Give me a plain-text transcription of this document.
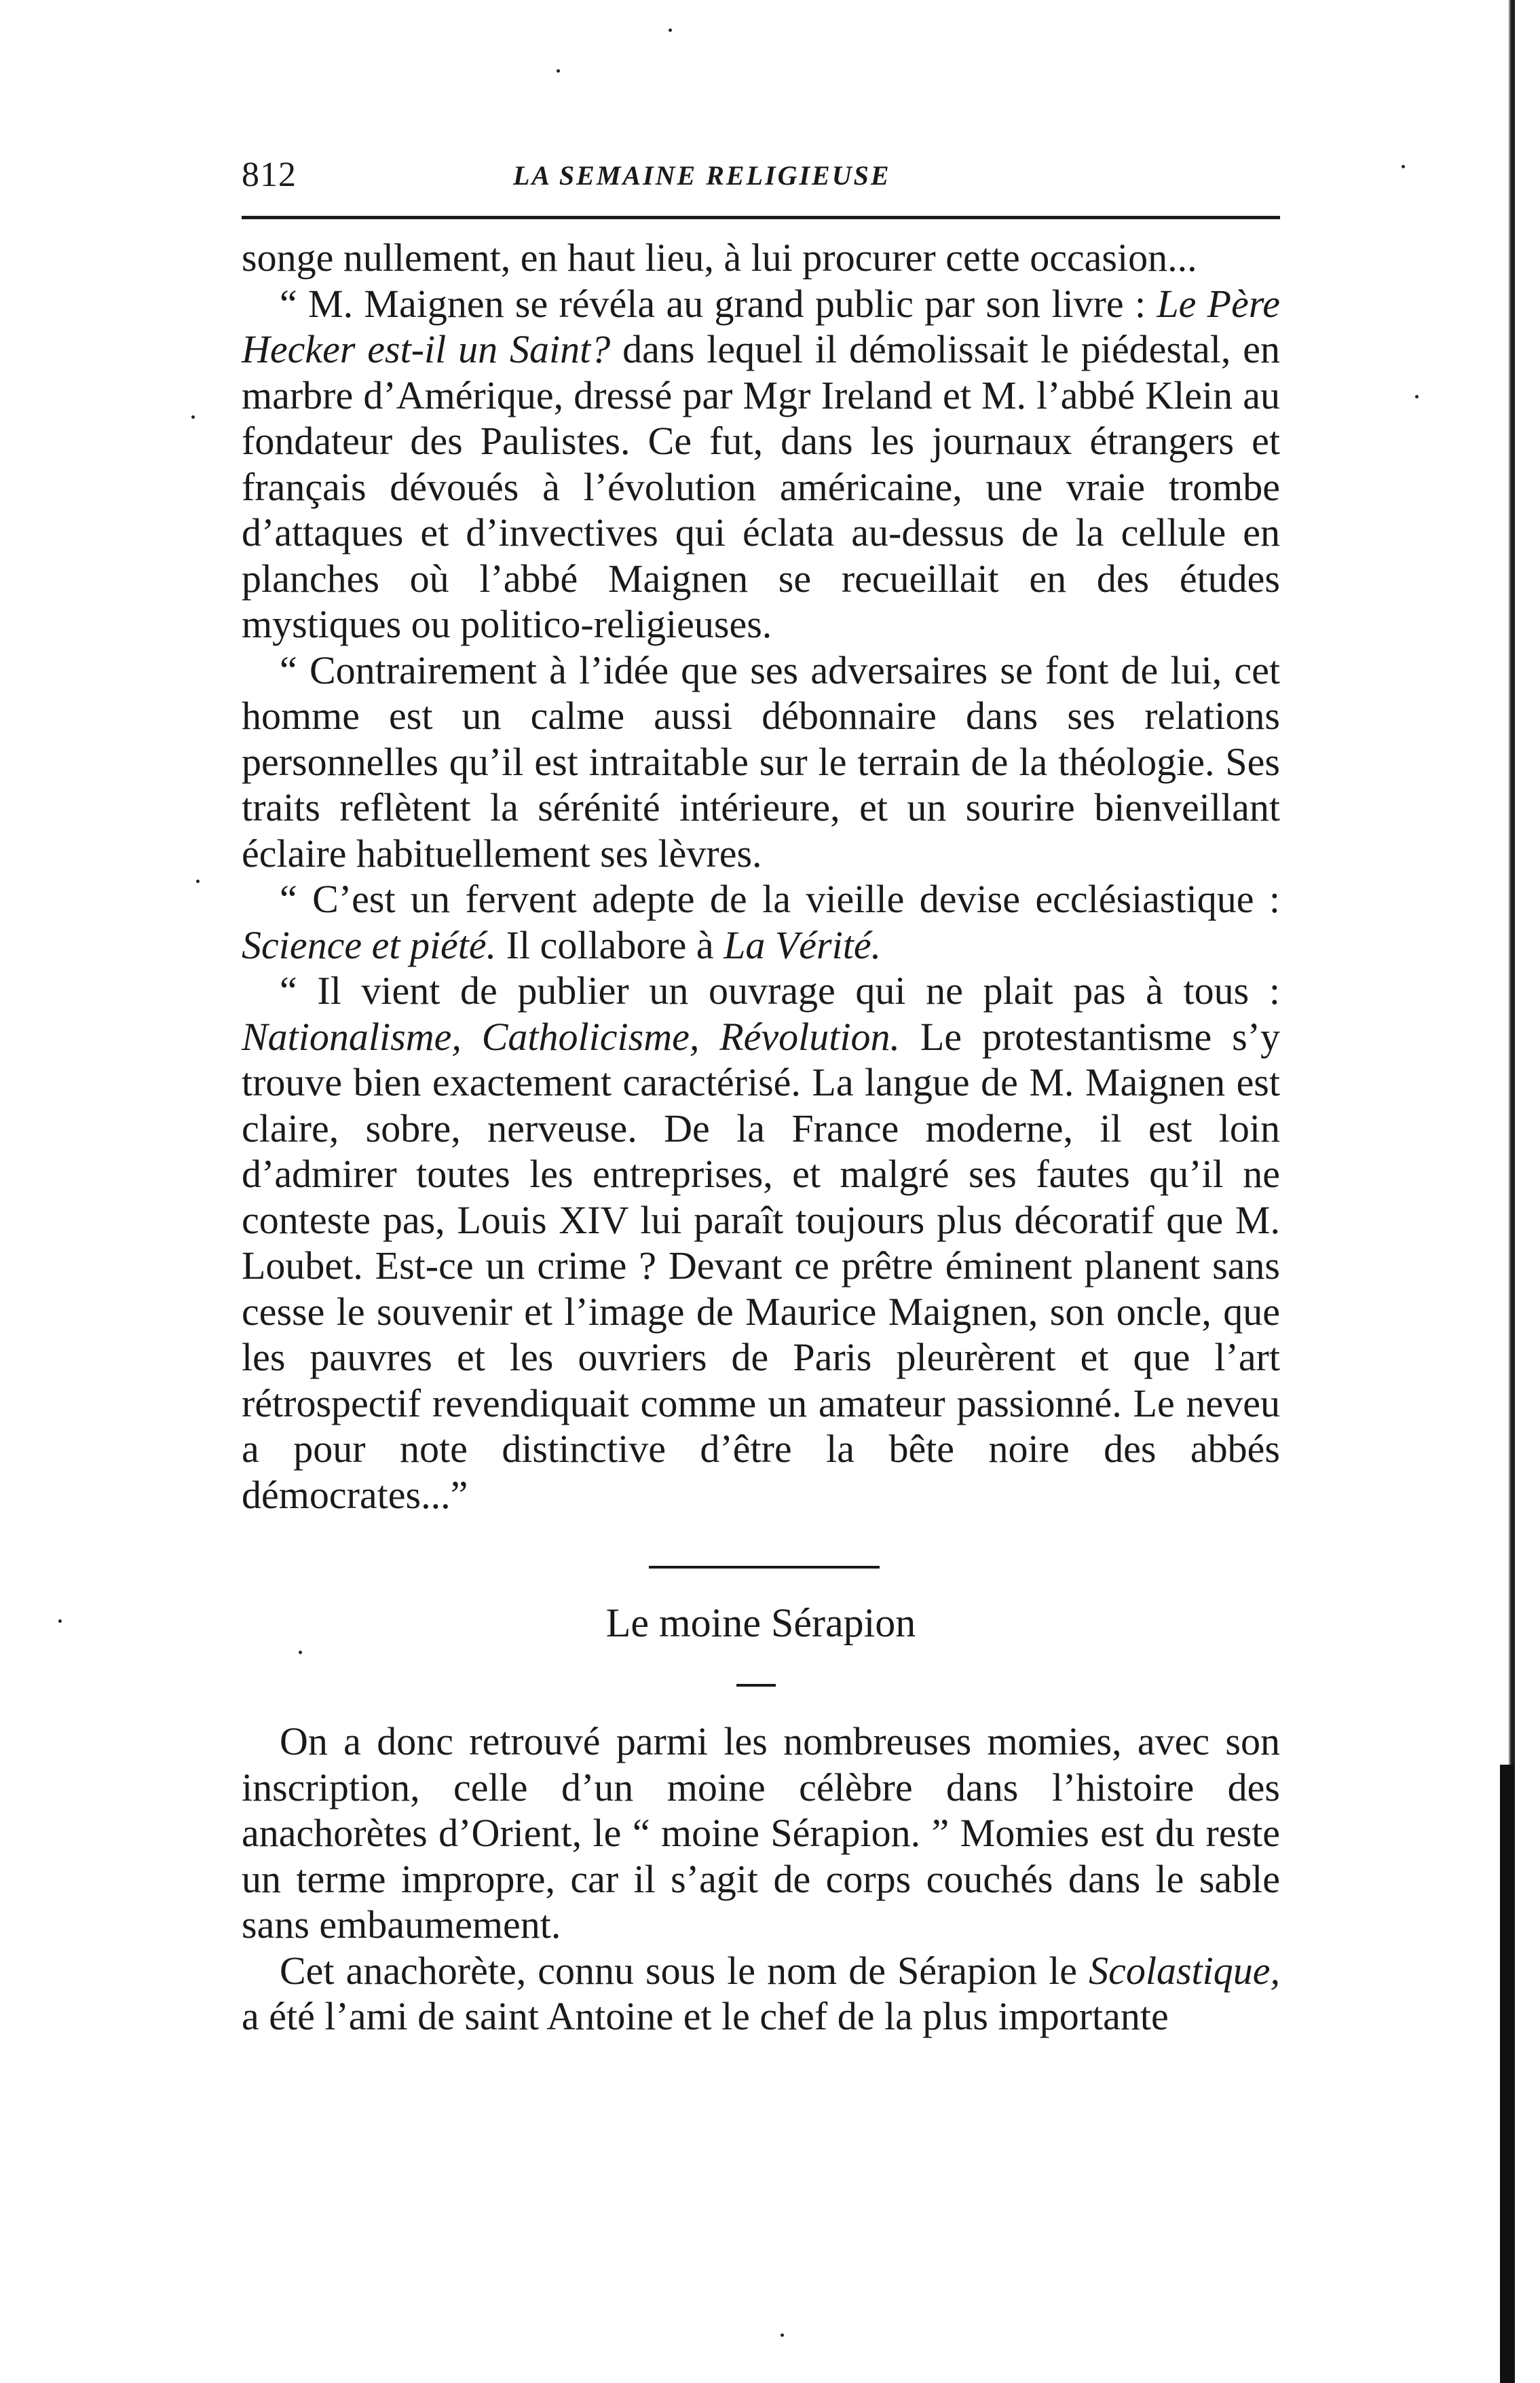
812	LA SEMAINE RELIGIEUSE

songe nullement, en haut lieu, à lui procurer cette occasion...

“ M. Maignen se révéla au grand public par son livre : Le Père Hecker est-il un Saint? dans lequel il démolissait le piédestal, en marbre d’Amérique, dressé par Mgr Ireland et M. l’abbé Klein au fondateur des Paulistes. Ce fut, dans les journaux étrangers et français dévoués à l’évolution américaine, une vraie trombe d’attaques et d’invectives qui éclata au-dessus de la cellule en planches où l’abbé Maignen se recueillait en des études mystiques ou politico-religieuses.

“ Contrairement à l’idée que ses adversaires se font de lui, cet homme est un calme aussi débonnaire dans ses relations personnelles qu’il est intraitable sur le terrain de la théologie. Ses traits reflètent la sérénité intérieure, et un sourire bienveillant éclaire habituellement ses lèvres.

“ C’est un fervent adepte de la vieille devise ecclésiastique : Science et piété. Il collabore à La Vérité.

“ Il vient de publier un ouvrage qui ne plait pas à tous : Nationalisme, Catholicisme, Révolution. Le protestantisme s’y trouve bien exactement caractérisé. La langue de M. Maignen est claire, sobre, nerveuse. De la France moderne, il est loin d’admirer toutes les entreprises, et malgré ses fautes qu’il ne conteste pas, Louis XIV lui paraît toujours plus décoratif que M. Loubet. Est-ce un crime ? Devant ce prêtre éminent planent sans cesse le souvenir et l’image de Maurice Maignen, son oncle, que les pauvres et les ouvriers de Paris pleurèrent et que l’art rétrospectif revendiquait comme un amateur passionné. Le neveu a pour note distinctive d’être la bête noire des abbés démocrates...”

Le moine Sérapion

On a donc retrouvé parmi les nombreuses momies, avec son inscription, celle d’un moine célèbre dans l’histoire des anachorètes d’Orient, le “ moine Sérapion. ” Momies est du reste un terme impropre, car il s’agit de corps couchés dans le sable sans embaumement.

Cet anachorète, connu sous le nom de Sérapion le Scolastique, a été l’ami de saint Antoine et le chef de la plus importante
